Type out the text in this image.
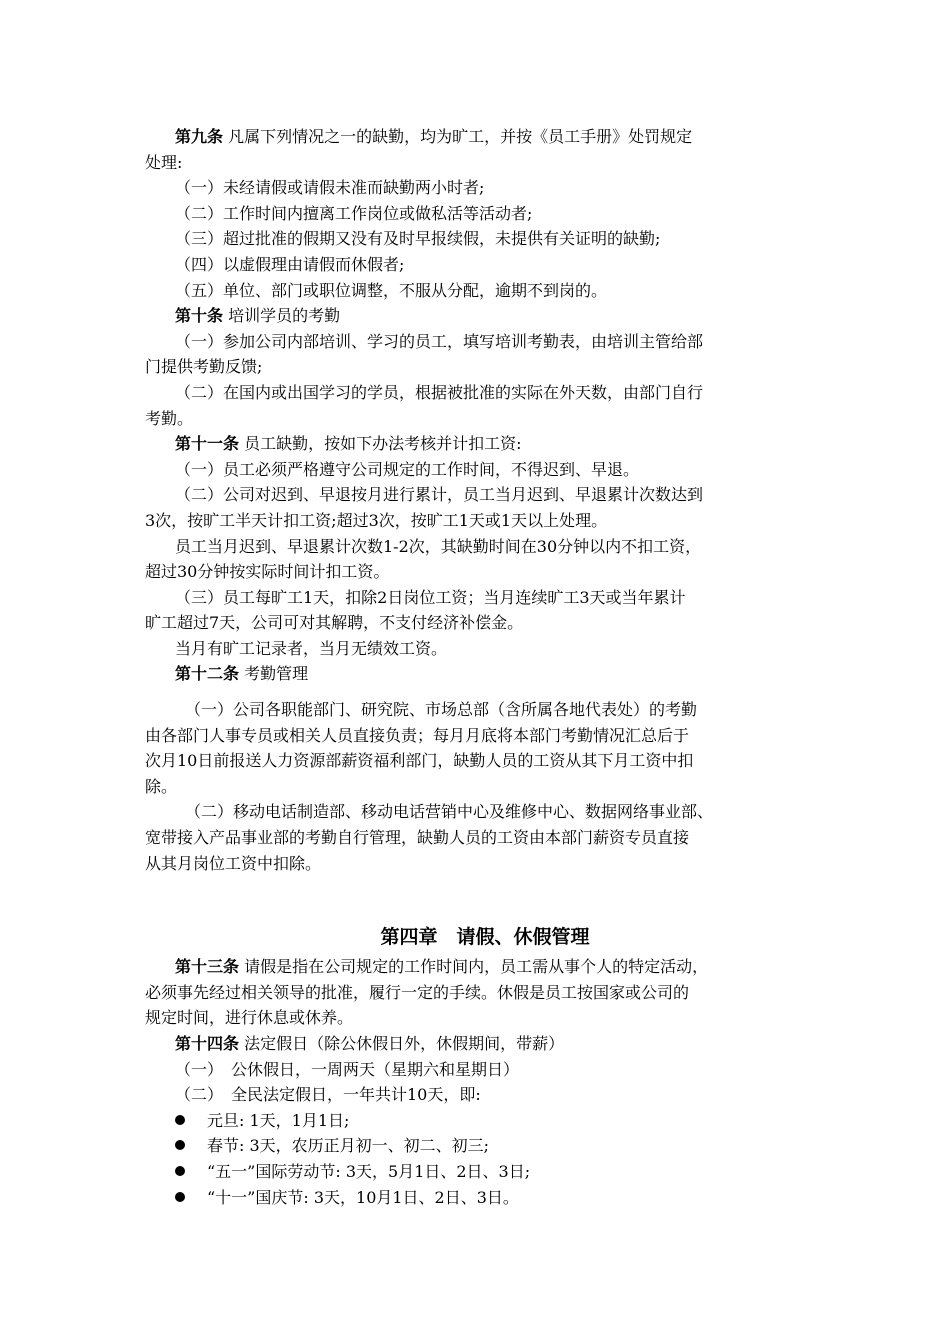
第九条 凡属下列情况之一的缺勤，均为旷工，并按《员工手册》处罚规定

处理:

（一）未经请假或请假未准而缺勤两小时者;

（二）工作时间内擅离工作岗位或做私活等活动者;

（三）超过批准的假期又没有及时早报续假，未提供有关证明的缺勤;

（四）以虚假理由请假而休假者;

（五）单位、部门或职位调整，不服从分配，逾期不到岗的。

第十条 培训学员的考勤

（一）参加公司内部培训、学习的员工，填写培训考勤表，由培训主管给部

门提供考勤反馈;

（二）在国内或出国学习的学员，根据被批准的实际在外天数，由部门自行

考勤。

第十一条 员工缺勤，按如下办法考核并计扣工资:

（一）员工必须严格遵守公司规定的工作时间，不得迟到、早退。

（二）公司对迟到、早退按月进行累计，员工当月迟到、早退累计次数达到

3次，按旷工半天计扣工资;超过3次，按旷工1天或1天以上处理。

员工当月迟到、早退累计次数1-2次，其缺勤时间在30分钟以内不扣工资，

超过30分钟按实际时间计扣工资。

（三）员工每旷工1天，扣除2日岗位工资；当月连续旷工3天或当年累计

旷工超过7天，公司可对其解聘，不支付经济补偿金。

当月有旷工记录者，当月无绩效工资。

第十二条 考勤管理

（一）公司各职能部门、研究院、市场总部（含所属各地代表处）的考勤

由各部门人事专员或相关人员直接负责；每月月底将本部门考勤情况汇总后于

次月10日前报送人力资源部薪资福利部门，缺勤人员的工资从其下月工资中扣

除。

（二）移动电话制造部、移动电话营销中心及维修中心、数据网络事业部、

宽带接入产品事业部的考勤自行管理，缺勤人员的工资由本部门薪资专员直接

从其月岗位工资中扣除。

第四章　请假、休假管理

第十三条 请假是指在公司规定的工作时间内，员工需从事个人的特定活动，

必须事先经过相关领导的批准，履行一定的手续。休假是员工按国家或公司的

规定时间，进行休息或休养。

第十四条 法定假日（除公休假日外，休假期间，带薪）

（一）　公休假日，一周两天（星期六和星期日）

（二）　全民法定假日，一年共计10天，即:

元旦: 1天，1月1日;

春节: 3天，农历正月初一、初二、初三;

“五一”国际劳动节: 3天，5月1日、2日、3日;

“十一”国庆节: 3天，10月1日、2日、3日。
